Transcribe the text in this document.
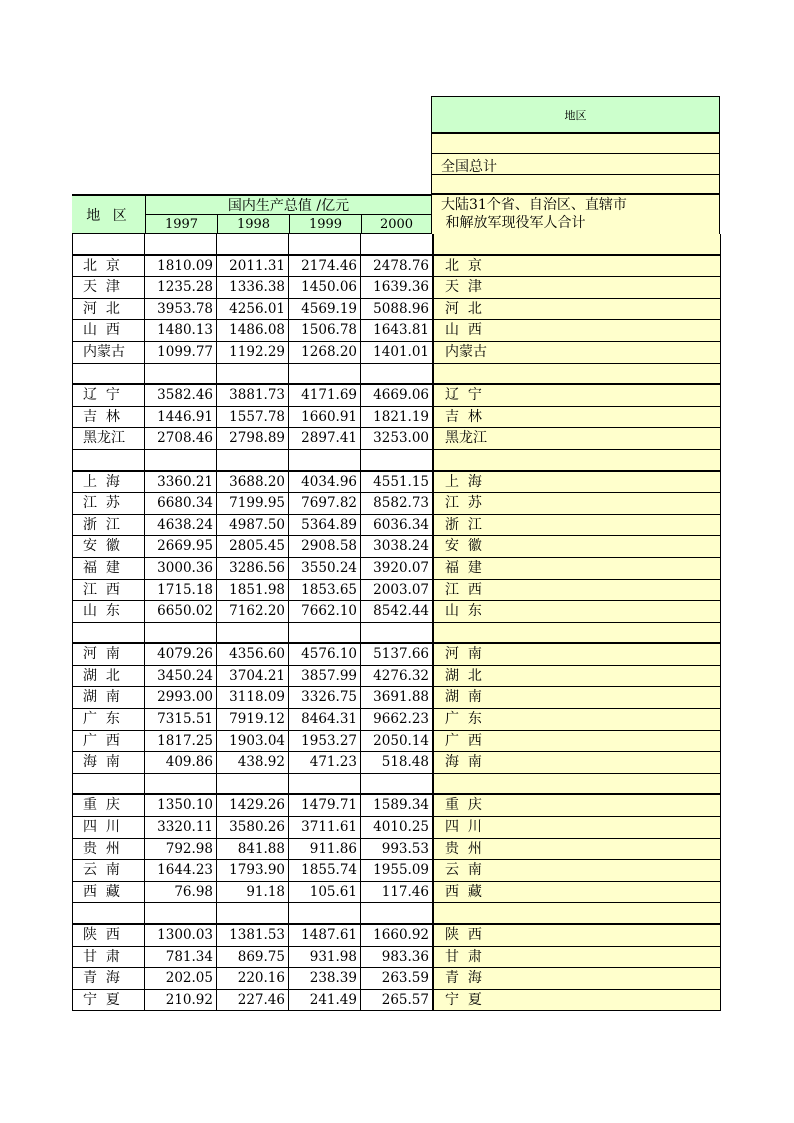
地区
全国总计
大陆31个省、自治区、直辖市
和解放军现役军人合计
地 区
国内生产总值 /亿元
1997	1998	1999	2000
北  京	1810.09	2011.31	2174.46	2478.76	北  京
天  津	1235.28	1336.38	1450.06	1639.36	天  津
河  北	3953.78	4256.01	4569.19	5088.96	河  北
山  西	1480.13	1486.08	1506.78	1643.81	山  西
内蒙古	1099.77	1192.29	1268.20	1401.01	内蒙古
辽  宁	3582.46	3881.73	4171.69	4669.06	辽  宁
吉  林	1446.91	1557.78	1660.91	1821.19	吉  林
黑龙江	2708.46	2798.89	2897.41	3253.00	黑龙江
上  海	3360.21	3688.20	4034.96	4551.15	上  海
江  苏	6680.34	7199.95	7697.82	8582.73	江  苏
浙  江	4638.24	4987.50	5364.89	6036.34	浙  江
安  徽	2669.95	2805.45	2908.58	3038.24	安  徽
福  建	3000.36	3286.56	3550.24	3920.07	福  建
江  西	1715.18	1851.98	1853.65	2003.07	江  西
山  东	6650.02	7162.20	7662.10	8542.44	山  东
河  南	4079.26	4356.60	4576.10	5137.66	河  南
湖  北	3450.24	3704.21	3857.99	4276.32	湖  北
湖  南	2993.00	3118.09	3326.75	3691.88	湖  南
广  东	7315.51	7919.12	8464.31	9662.23	广  东
广  西	1817.25	1903.04	1953.27	2050.14	广  西
海  南	409.86	438.92	471.23	518.48	海  南
重  庆	1350.10	1429.26	1479.71	1589.34	重  庆
四  川	3320.11	3580.26	3711.61	4010.25	四  川
贵  州	792.98	841.88	911.86	993.53	贵  州
云  南	1644.23	1793.90	1855.74	1955.09	云  南
西  藏	76.98	91.18	105.61	117.46	西  藏
陕  西	1300.03	1381.53	1487.61	1660.92	陕  西
甘  肃	781.34	869.75	931.98	983.36	甘  肃
青  海	202.05	220.16	238.39	263.59	青  海
宁  夏	210.92	227.46	241.49	265.57	宁  夏
